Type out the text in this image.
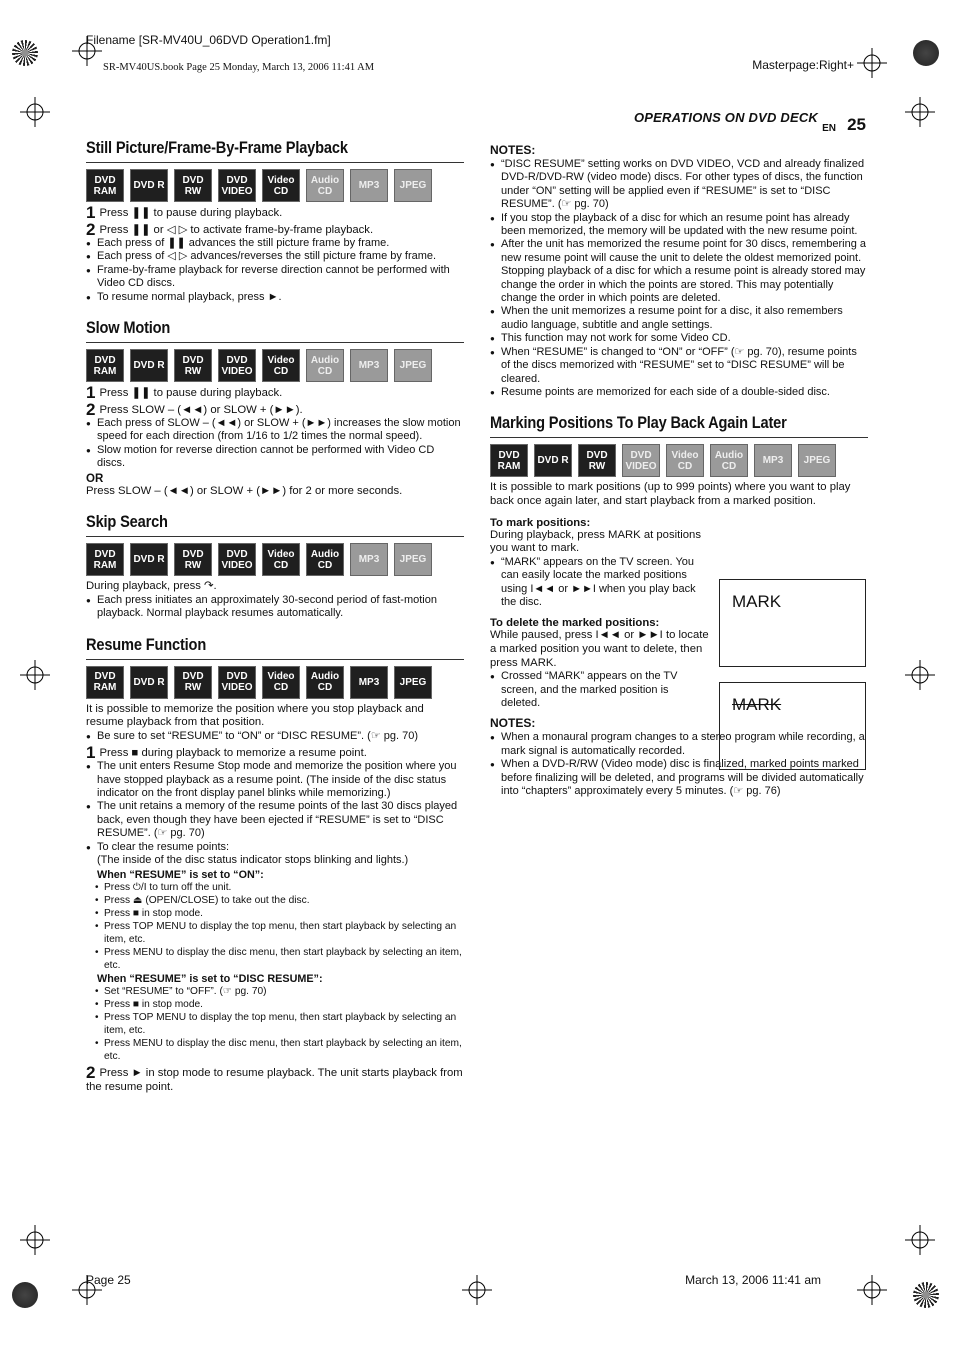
Filename [SR-MV40U_06DVD Operation1.fm]
SR-MV40US.book Page 25 Monday, March 13, 2006 11:41 AM	Masterpage:Right+
OPERATIONS ON DVD DECK
EN 25
Still Picture/Frame-By-Frame Playback
DVD RAM	DVD R	DVD RW
DVD VIDEO
Video CD
Audio CD	MP3	JPEG
1 Press ❚❚ to pause during playback.
2 Press ❚❚ or ◁ ▷ to activate frame-by-frame playback.
● Each press of ❚❚ advances the still picture frame by frame.
● Each press of ◁ ▷ advances/reverses the still picture frame by frame.
● Frame-by-frame playback for reverse direction cannot be performed with Video CD discs.
● To resume normal playback, press ►.
Slow Motion
DVD RAM	DVD R	DVD RW
DVD VIDEO
Video CD
Audio CD	MP3	JPEG
1 Press ❚❚ to pause during playback.
2 Press SLOW – (◄◄) or SLOW + (►►).
● Each press of SLOW – (◄◄) or SLOW + (►►) increases the slow motion speed for each direction (from 1/16 to 1/2 times the normal speed).
● Slow motion for reverse direction cannot be performed with Video CD discs.
OR

Press SLOW – (◄◄) or SLOW + (►►) for 2 or more seconds.

Skip Search
DVD RAM	DVD R	DVD RW
DVD VIDEO
Video CD
Audio CD	MP3	JPEG

During playback, press ↷.

● Each press initiates an approximately 30-second period of fast-motion playback. Normal playback resumes automatically.
Resume Function
DVD RAM	DVD R	DVD RW
DVD VIDEO
Video CD
Audio CD	MP3	JPEG

It is possible to memorize the position where you stop playback and resume playback from that position.

● Be sure to set “RESUME” to “ON” or “DISC RESUME”. (☞ pg. 70)
1 Press ■ during playback to memorize a resume point.
● The unit enters Resume Stop mode and memorize the position where you have stopped playback as a resume point. (The inside of the disc status indicator on the front display panel blinks while memorizing.)
● The unit retains a memory of the resume points of the last 30 discs played back, even though they have been ejected if “RESUME” is set to “DISC RESUME”. (☞ pg. 70)
● To clear the resume points:

(The inside of the disc status indicator stops blinking and lights.)

When “RESUME” is set to “ON”:
• Press ⏻/I to turn off the unit.
• Press ⏏ (OPEN/CLOSE) to take out the disc.
• Press ■ in stop mode.
• Press TOP MENU to display the top menu, then start playback by selecting an item, etc.
• Press MENU to display the disc menu, then start playback by selecting an item, etc.
When “RESUME” is set to “DISC RESUME”:
• Set “RESUME” to “OFF”. (☞ pg. 70)
• Press ■ in stop mode.
• Press TOP MENU to display the top menu, then start playback by selecting an item, etc.
• Press MENU to display the disc menu, then start playback by selecting an item, etc.
2 Press ► in stop mode to resume playback. The unit starts playback from the resume point.
NOTES:
● “DISC RESUME” setting works on DVD VIDEO, VCD and already finalized DVD-R/DVD-RW (video mode) discs. For other types of discs, the function under “ON” setting will be applied even if “RESUME” is set to “DISC RESUME”. (☞ pg. 70)
● If you stop the playback of a disc for which an resume point has already been memorized, the memory will be updated with the new resume point.
● After the unit has memorized the resume point for 30 discs, remembering a new resume point will cause the unit to delete the oldest memorized point. Stopping playback of a disc for which a resume point is already stored may change the order in which the points are stored. This may potentially change the order in which points are deleted.
● When the unit memorizes a resume point for a disc, it also remembers audio language, subtitle and angle settings.
● This function may not work for some Video CD.
● When “RESUME” is changed to “ON” or “OFF” (☞ pg. 70), resume points of the discs memorized with “RESUME” set to “DISC RESUME” will be cleared.
● Resume points are memorized for each side of a double-sided disc.
Marking Positions To Play Back Again Later
DVD RAM	DVD R	DVD RW
DVD VIDEO
Video CD
Audio CD	MP3	JPEG

It is possible to mark positions (up to 999 points) where you want to play back once again later, and start playback from a marked position.

To mark positions:

During playback, press MARK at positions you want to mark.

● “MARK” appears on the TV screen. You can easily locate the marked positions using I◄◄ or ►►I when you play back the disc.
To delete the marked positions:

While paused, press I◄◄ or ►►I to locate a marked position you want to delete, then press MARK.

● Crossed “MARK” appears on the TV screen, and the marked position is deleted.
NOTES:
● When a monaural program changes to a stereo program while recording, a mark signal is automatically recorded.
● When a DVD-R/RW (Video mode) disc is finalized, marked points marked before finalizing will be deleted, and programs will be divided automatically into “chapters” approximately every 5 minutes. (☞ pg. 76)
MARK
MARK
Page 25	March 13, 2006 11:41 am
